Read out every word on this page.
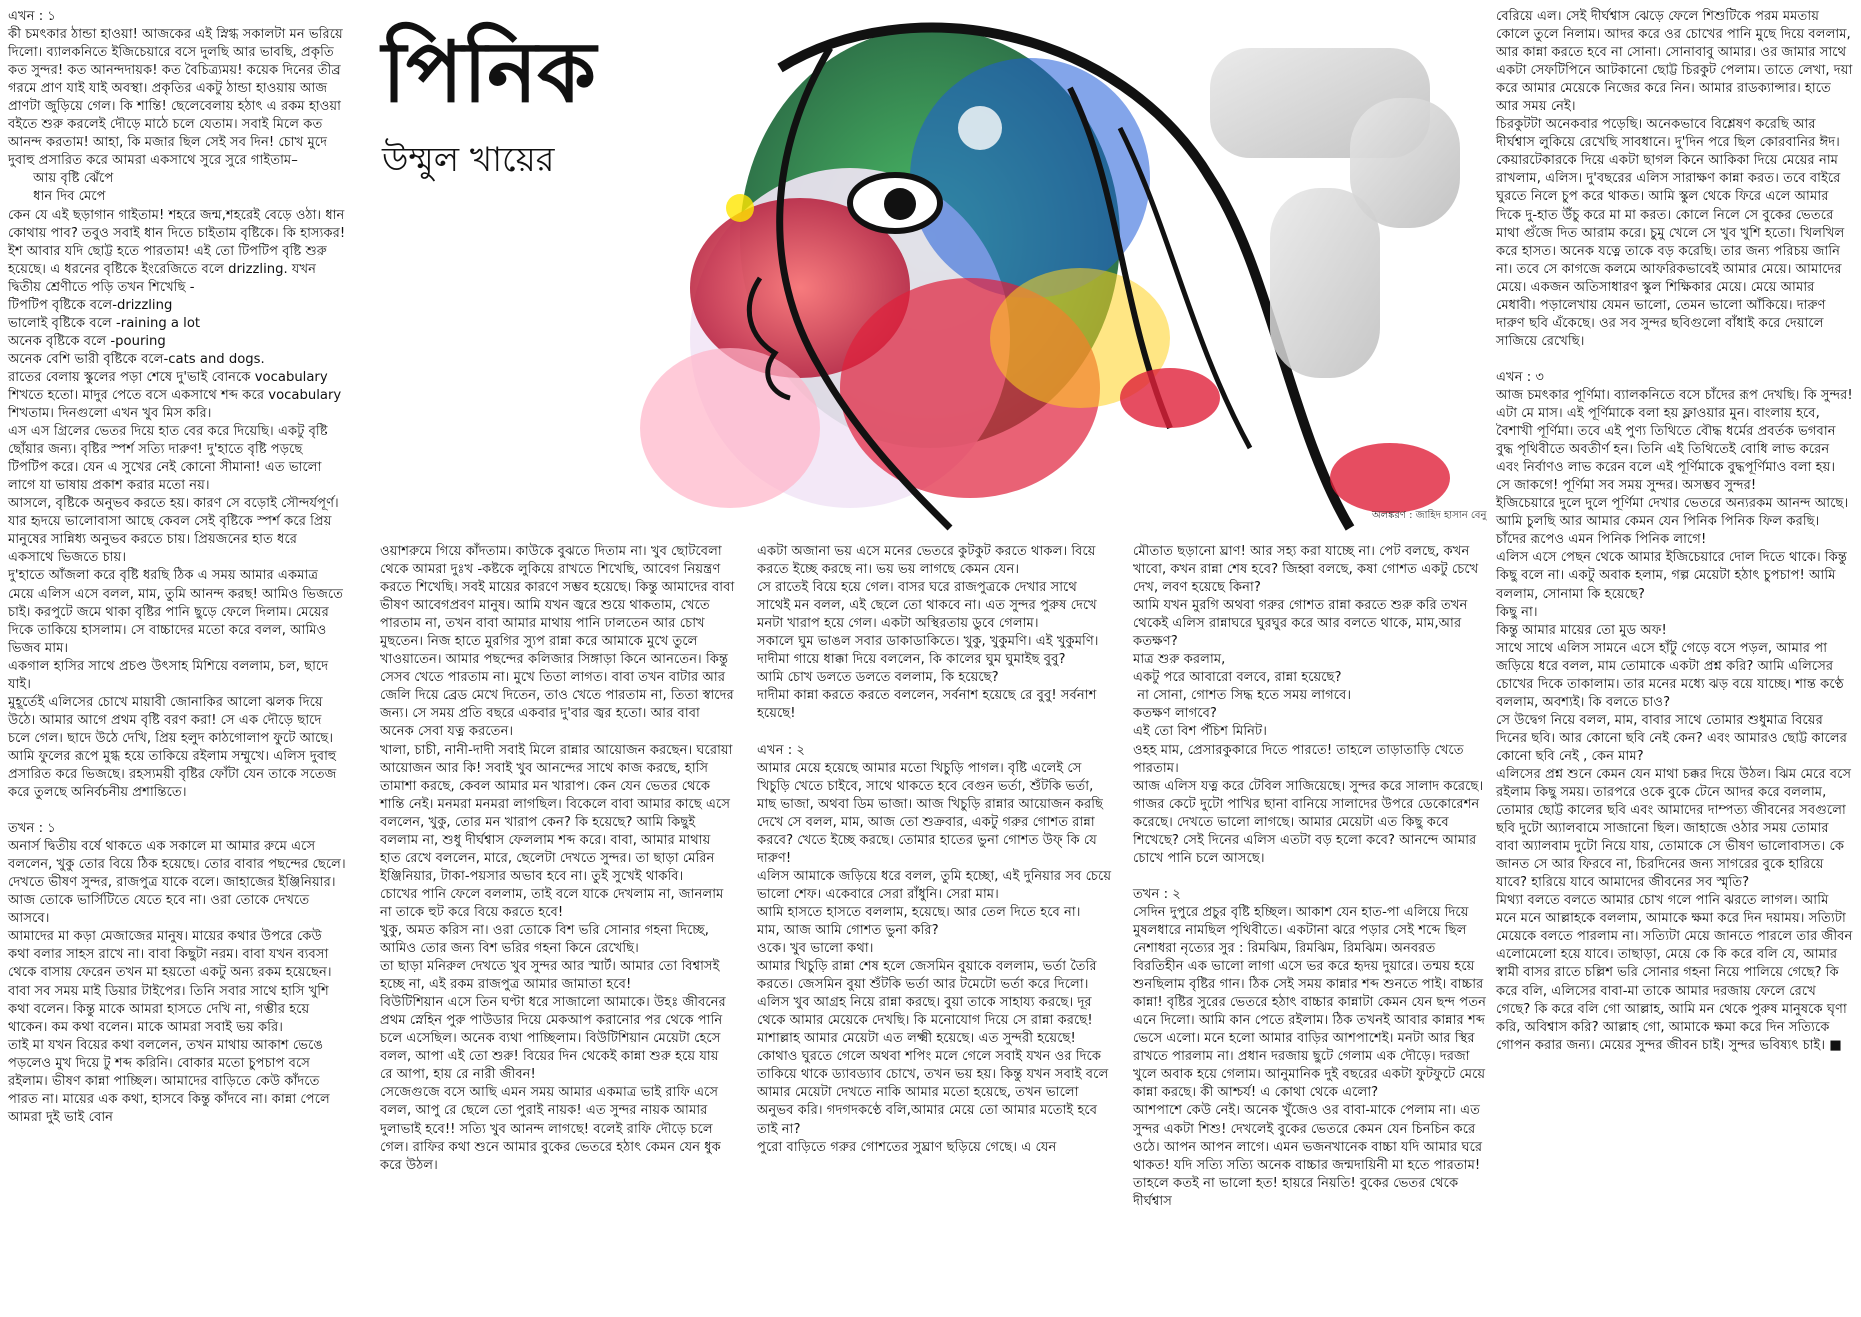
পিনিক
উম্মুল খায়ের
অলঙ্করণ : জাহিদ হাসান বেনু
এখন : ১
কী চমৎকার ঠান্ডা হাওয়া! আজকের এই স্নিগ্ধ সকালটা মন ভরিয়ে দিলো। ব্যালকনিতে ইজিচেয়ারে বসে দুলছি আর ভাবছি, প্রকৃতি কত সুন্দর! কত আনন্দদায়ক! কত বৈচিত্র্যময়! কয়েক দিনের তীব্র গরমে প্রাণ যাই যাই অবস্থা। প্রকৃতির একটু ঠান্ডা হাওয়ায় আজ প্রাণটা জুড়িয়ে গেল। কি শান্তি! ছেলেবেলায় হঠাৎ এ রকম হাওয়া বইতে শুরু করলেই দৌড়ে মাঠে চলে যেতাম। সবাই মিলে কত আনন্দ করতাম! আহা, কি মজার ছিল সেই সব দিন! চোখ মুদে দুবাহু প্রসারিত করে আমরা একসাথে সুরে সুরে গাইতাম–
আয় বৃষ্টি ঝেঁপে
ধান দিব মেপে
কেন যে এই ছড়াগান গাইতাম! শহরে জন্ম,শহরেই বেড়ে ওঠা। ধান কোথায় পাব? তবুও সবাই ধান দিতে চাইতাম বৃষ্টিকে। কি হাস্যকর! ইশ আবার যদি ছোট্ট হতে পারতাম! এই তো টিপটিপ বৃষ্টি শুরু হয়েছে। এ ধরনের বৃষ্টিকে ইংরেজিতে বলে drizzling. যখন দ্বিতীয় শ্রেণীতে পড়ি তখন শিখেছি -
টিপটিপ বৃষ্টিকে বলে-drizzling
ভালোই বৃষ্টিকে বলে -raining a lot
অনেক বৃষ্টিকে বলে -pouring
অনেক বেশি ভারী বৃষ্টিকে বলে-cats and dogs.
রাতের বেলায় স্কুলের পড়া শেষে দু'ভাই বোনকে vocabulary শিখতে হতো। মাদুর পেতে বসে একসাথে শব্দ করে vocabulary শিখতাম। দিনগুলো এখন খুব মিস করি।
এস এস গ্রিলের ভেতর দিয়ে হাত বের করে দিয়েছি। একটু বৃষ্টি ছোঁয়ার জন্য। বৃষ্টির স্পর্শ সত্যি দারুণ! দু'হাতে বৃষ্টি পড়ছে টিপটিপ করে। যেন এ সুখের নেই কোনো সীমানা! এত ভালো লাগে যা ভাষায় প্রকাশ করার মতো নয়।
আসলে, বৃষ্টিকে অনুভব করতে হয়। কারণ সে বড়োই সৌন্দর্যপূর্ণ। যার হৃদয়ে ভালোবাসা আছে কেবল সেই বৃষ্টিকে স্পর্শ করে প্রিয় মানুষের সান্নিধ্য অনুভব করতে চায়। প্রিয়জনের হাত ধরে একসাথে ভিজতে চায়।
দু'হাতে আঁজলা করে বৃষ্টি ধরছি ঠিক এ সময় আমার একমাত্র মেয়ে এলিস এসে বলল, মাম, তুমি আনন্দ করছ! আমিও ভিজতে চাই। করপুটে জমে থাকা বৃষ্টির পানি ছুড়ে ফেলে দিলাম। মেয়ের দিকে তাকিয়ে হাসলাম। সে বাচ্চাদের মতো করে বলল, আমিও ভিজব মাম।
একগাল হাসির সাথে প্রচণ্ড উৎসাহ মিশিয়ে বললাম, চল, ছাদে যাই।
মুহূর্তেই এলিসের চোখে মায়াবী জোনাকির আলো ঝলক দিয়ে উঠে। আমার আগে প্রথম বৃষ্টি বরণ করা! সে এক দৌড়ে ছাদে চলে গেল। ছাদে উঠে দেখি, প্রিয় হলুদ কাঠগোলাপ ফুটে আছে। আমি ফুলের রূপে মুগ্ধ হয়ে তাকিয়ে রইলাম সম্মুখে। এলিস দুবাহু প্রসারিত করে ভিজছে। রহস্যময়ী বৃষ্টির ফোঁটা যেন তাকে সতেজ করে তুলছে অনির্বচনীয় প্রশান্তিতে।

তখন : ১
অনার্স দ্বিতীয় বর্ষে থাকতে এক সকালে মা আমার রুমে এসে বললেন, খুকু তোর বিয়ে ঠিক হয়েছে। তোর বাবার পছন্দের ছেলে। দেখতে ভীষণ সুন্দর, রাজপুত্র যাকে বলে। জাহাজের ইঞ্জিনিয়ার। আজ তোকে ভার্সিটিতে যেতে হবে না। ওরা তোকে দেখতে আসবে।
আমাদের মা কড়া মেজাজের মানুষ। মায়ের কথার উপরে কেউ কথা বলার সাহস রাখে না। বাবা কিছুটা নরম। বাবা যখন ব্যবসা থেকে বাসায় ফেরেন তখন মা হয়তো একটু অন্য রকম হয়েছেন। বাবা সব সময় মাই ডিয়ার টাইপের। তিনি সবার সাথে হাসি খুশি কথা বলেন। কিন্তু মাকে আমরা হাসতে দেখি না, গম্ভীর হয়ে থাকেন। কম কথা বলেন। মাকে আমরা সবাই ভয় করি।
তাই মা যখন বিয়ের কথা বললেন, তখন মাথায় আকাশ ভেঙে পড়লেও মুখ দিয়ে টু শব্দ করিনি। বোকার মতো চুপচাপ বসে রইলাম। ভীষণ কান্না পাচ্ছিল। আমাদের বাড়িতে কেউ কাঁদতে পারত না। মায়ের এক কথা, হাসবে কিন্তু কাঁদবে না। কান্না পেলে আমরা দুই ভাই বোন
ওয়াশরুমে গিয়ে কাঁদতাম। কাউকে বুঝতে দিতাম না। খুব ছোটবেলা থেকে আমরা দুঃখ -কষ্টকে লুকিয়ে রাখতে শিখেছি, আবেগ নিয়ন্ত্রণ করতে শিখেছি। সবই মায়ের কারণে সম্ভব হয়েছে। কিন্তু আমাদের বাবা ভীষণ আবেগপ্রবণ মানুষ। আমি যখন জ্বরে শুয়ে থাকতাম, খেতে পারতাম না, তখন বাবা আমার মাথায় পানি ঢালতেন আর চোখ মুছতেন। নিজ হাতে মুরগির স্যুপ রান্না করে আমাকে মুখে তুলে খাওয়াতেন। আমার পছন্দের কলিজার সিঙ্গাড়া কিনে আনতেন। কিন্তু সেসব খেতে পারতাম না। মুখে তিতা লাগত। বাবা তখন বাটার আর জেলি দিয়ে ব্রেড মেখে দিতেন, তাও খেতে পারতাম না, তিতা স্বাদের জন্য। সে সময় প্রতি বছরে একবার দু'বার জ্বর হতো। আর বাবা অনেক সেবা যত্ন করতেন।
খালা, চাচী, নানী-দাদী সবাই মিলে রান্নার আয়োজন করছেন। ঘরোয়া আয়োজন আর কি! সবাই খুব আনন্দের সাথে কাজ করছে, হাসি তামাশা করছে, কেবল আমার মন খারাপ। কেন যেন ভেতর থেকে শান্তি নেই। মনমরা মনমরা লাগছিল। বিকেলে বাবা আমার কাছে এসে বললেন, খুকু, তোর মন খারাপ কেন? কি হয়েছে? আমি কিছুই বললাম না, শুধু দীর্ঘশ্বাস ফেললাম শব্দ করে। বাবা, আমার মাথায় হাত রেখে বললেন, মারে, ছেলেটা দেখতে সুন্দর। তা ছাড়া মেরিন ইঞ্জিনিয়ার, টাকা-পয়সার অভাব হবে না। তুই সুখেই থাকবি।
চোখের পানি ফেলে বললাম, তাই বলে যাকে দেখলাম না, জানলাম না তাকে হুট করে বিয়ে করতে হবে!
খুকু, অমত করিস না। ওরা তোকে বিশ ভরি সোনার গহনা দিচ্ছে, আমিও তোর জন্য বিশ ভরির গহনা কিনে রেখেছি।
তা ছাড়া মনিরুল দেখতে খুব সুন্দর আর স্মার্ট। আমার তো বিশ্বাসই হচ্ছে না, এই রকম রাজপুত্র আমার জামাতা হবে!
বিউটিশিয়ান এসে তিন ঘণ্টা ধরে সাজালো আমাকে। উহঃ জীবনের প্রথম স্নেহিন পুরু পাউডার দিয়ে মেকআপ করানোর পর থেকে পানি চলে এসেছিল। অনেক ব্যথা পাচ্ছিলাম। বিউটিশিয়ান মেয়েটা হেসে বলল, আপা এই তো শুরু! বিয়ের দিন থেকেই কান্না শুরু হয়ে যায় রে আপা, হায় রে নারী জীবন!
সেজেগুজে বসে আছি এমন সময় আমার একমাত্র ভাই রাফি এসে বলল, আপু রে ছেলে তো পুরাই নায়ক! এত সুন্দর নায়ক আমার দুলাভাই হবে!! সত্যি খুব আনন্দ লাগছে! বলেই রাফি দৌড়ে চলে গেল। রাফির কথা শুনে আমার বুকের ভেতরে হঠাৎ কেমন যেন ধুক করে উঠল।
একটা অজানা ভয় এসে মনের ভেতরে কুটকুট করতে থাকল। বিয়ে করতে ইচ্ছে করছে না। ভয় ভয় লাগছে কেমন যেন।
সে রাতেই বিয়ে হয়ে গেল। বাসর ঘরে রাজপুত্রকে দেখার সাথে সাথেই মন বলল, এই ছেলে তো থাকবে না। এত সুন্দর পুরুষ দেখে মনটা খারাপ হয়ে গেল। একটা অস্থিরতায় ডুবে গেলাম।
সকালে ঘুম ভাঙল সবার ডাকাডাকিতে। খুকু, খুকুমণি। এই খুকুমণি। দাদীমা গায়ে ধাক্কা দিয়ে বললেন, কি কালের ঘুম ঘুমাইছ বুবু?
আমি চোখ ডলতে ডলতে বললাম, কি হয়েছে?
দাদীমা কান্না করতে করতে বললেন, সর্বনাশ হয়েছে রে বুবু! সর্বনাশ হয়েছে!

এখন : ২
আমার মেয়ে হয়েছে আমার মতো খিচুড়ি পাগল। বৃষ্টি এলেই সে খিচুড়ি খেতে চাইবে, সাথে থাকতে হবে বেগুন ভর্তা, শুঁটকি ভর্তা, মাছ ভাজা, অথবা ডিম ভাজা। আজ খিচুড়ি রান্নার আয়োজন করছি দেখে সে বলল, মাম, আজ তো শুক্রবার, একটু গরুর গোশত রান্না করবে? খেতে ইচ্ছে করছে। তোমার হাতের ভুনা গোশত উফ্ কি যে দারুণ!
এলিস আমাকে জড়িয়ে ধরে বলল, তুমি হচ্ছো, এই দুনিয়ার সব চেয়ে ভালো শেফ। একেবারে সেরা রাঁধুনি। সেরা মাম।
আমি হাসতে হাসতে বললাম, হয়েছে। আর তেল দিতে হবে না।
মাম, আজ আমি গোশত ভুনা করি?
ওকে। খুব ভালো কথা।
আমার খিচুড়ি রান্না শেষ হলে জেসমিন বুয়াকে বললাম, ভর্তা তৈরি করতে। জেসমিন বুয়া শুঁটকি ভর্তা আর টমেটো ভর্তা করে দিলো। এলিস খুব আগ্রহ নিয়ে রান্না করছে। বুয়া তাকে সাহায্য করছে। দূর থেকে আমার মেয়েকে দেখছি। কি মনোযোগ দিয়ে সে রান্না করছে! মাশাল্লাহ আমার মেয়েটা এত লক্ষ্মী হয়েছে। এত সুন্দরী হয়েছে! কোথাও ঘুরতে গেলে অথবা শপিং মলে গেলে সবাই যখন ওর দিকে তাকিয়ে থাকে ড্যাবড্যাব চোখে, তখন ভয় হয়। কিন্তু যখন সবাই বলে আমার মেয়েটা দেখতে নাকি আমার মতো হয়েছে, তখন ভালো অনুভব করি। গদগদকণ্ঠে বলি,আমার মেয়ে তো আমার মতোই হবে তাই না?
পুরো বাড়িতে গরুর গোশতের সুঘ্রাণ ছড়িয়ে গেছে। এ যেন
মৌতাত ছড়ানো ঘ্রাণ! আর সহ্য করা যাচ্ছে না। পেট বলছে, কখন খাবো, কখন রান্না শেষ হবে? জিহ্বা বলছে, কষা গোশত একটু চেখে দেখ, লবণ হয়েছে কিনা?
আমি যখন মুরগি অথবা গরুর গোশত রান্না করতে শুরু করি তখন থেকেই এলিস রান্নাঘরে ঘুরঘুর করে আর বলতে থাকে, মাম,আর কতক্ষণ?
মাত্র শুরু করলাম,
একটু পরে আবারো বলবে, রান্না হয়েছে?
না সোনা, গোশত সিদ্ধ হতে সময় লাগবে।
কতক্ষণ লাগবে?
এই তো বিশ পঁচিশ মিনিট।
ওহহ মাম, প্রেসারকুকারে দিতে পারতে! তাহলে তাড়াতাড়ি খেতে পারতাম।
আজ এলিস যত্ন করে টেবিল সাজিয়েছে। সুন্দর করে সালাদ করেছে। গাজর কেটে দুটো পাখির ছানা বানিয়ে সালাদের উপরে ডেকোরেশন করেছে। দেখতে ভালো লাগছে। আমার মেয়েটা এত কিছু কবে শিখেছে? সেই দিনের এলিস এতটা বড় হলো কবে? আনন্দে আমার চোখে পানি চলে আসছে।

তখন : ২
সেদিন দুপুরে প্রচুর বৃষ্টি হচ্ছিল। আকাশ যেন হাত-পা এলিয়ে দিয়ে মুষলধারে নামছিল পৃথিবীতে। একটানা ঝরে পড়ার সেই শব্দে ছিল নেশাধরা নৃত্যের সুর : রিমঝিম, রিমঝিম, রিমঝিম। অনবরত বিরতিহীন এক ভালো লাগা এসে ভর করে হৃদয় দুয়ারে। তন্ময় হয়ে শুনছিলাম বৃষ্টির গান। ঠিক সেই সময় কান্নার শব্দ শুনতে পাই। বাচ্চার কান্না! বৃষ্টির সুরের ভেতরে হঠাৎ বাচ্চার কান্নাটা কেমন যেন ছন্দ পতন এনে দিলো। আমি কান পেতে রইলাম। ঠিক তখনই আবার কান্নার শব্দ ভেসে এলো। মনে হলো আমার বাড়ির আশপাশেই। মনটা আর স্থির রাখতে পারলাম না। প্রধান দরজায় ছুটে গেলাম এক দৌড়ে। দরজা খুলে অবাক হয়ে গেলাম। আনুমানিক দুই বছরের একটা ফুটফুটে মেয়ে কান্না করছে। কী আশ্চর্য! এ কোথা থেকে এলো?
আশপাশে কেউ নেই। অনেক খুঁজেও ওর বাবা-মাকে পেলাম না। এত সুন্দর একটা শিশু! দেখলেই বুকের ভেতরে কেমন যেন চিনচিন করে ওঠে। আপন আপন লাগে। এমন ভজনখানেক বাচ্চা যদি আমার ঘরে থাকত! যদি সত্যি সত্যি অনেক বাচ্চার জন্মদায়িনী মা হতে পারতাম! তাহলে কতই না ভালো হত! হায়রে নিয়তি! বুকের ভেতর থেকে দীর্ঘশ্বাস
বেরিয়ে এল। সেই দীর্ঘশ্বাস ঝেড়ে ফেলে শিশুটিকে পরম মমতায় কোলে তুলে নিলাম। আদর করে ওর চোখের পানি মুছে দিয়ে বললাম, আর কান্না করতে হবে না সোনা। সোনাবাবু আমার। ওর জামার সাথে একটা সেফটিপিনে আটকানো ছোট্ট চিরকুট পেলাম। তাতে লেখা, দয়া করে আমার মেয়েকে নিজের করে নিন। আমার রাডক্যান্সার। হাতে আর সময় নেই।
চিরকুটটা অনেকবার পড়েছি। অনেকভাবে বিশ্লেষণ করেছি আর দীর্ঘশ্বাস লুকিয়ে রেখেছি সাবধানে। দু'দিন পরে ছিল কোরবানির ঈদ। কেয়ারটেকারকে দিয়ে একটা ছাগল কিনে আকিকা দিয়ে মেয়ের নাম রাখলাম, এলিস। দু'বছরের এলিস সারাক্ষণ কান্না করত। তবে বাইরে ঘুরতে নিলে চুপ করে থাকত। আমি স্কুল থেকে ফিরে এলে আমার দিকে দু-হাত উঁচু করে মা মা করত। কোলে নিলে সে বুকের ভেতরে মাথা গুঁজে দিত আরাম করে। চুমু খেলে সে খুব খুশি হতো। খিলখিল করে হাসত। অনেক যত্নে তাকে বড় করেছি। তার জন্য পরিচয় জানি না। তবে সে কাগজে কলমে আফরিকভাবেই আমার মেয়ে। আমাদের মেয়ে। একজন অতিসাধারণ স্কুল শিক্ষিকার মেয়ে। মেয়ে আমার মেধাবী। পড়ালেখায় যেমন ভালো, তেমন ভালো আঁকিয়ে। দারুণ দারুণ ছবি এঁকেছে। ওর সব সুন্দর ছবিগুলো বাঁধাই করে দেয়ালে সাজিয়ে রেখেছি।

এখন : ৩
আজ চমৎকার পূর্ণিমা। ব্যালকনিতে বসে চাঁদের রূপ দেখছি। কি সুন্দর! এটা মে মাস। এই পূর্ণিমাকে বলা হয় ফ্লাওয়ার মুন। বাংলায় হবে, বৈশাখী পূর্ণিমা। তবে এই পুণ্য তিথিতে বৌদ্ধ ধর্মের প্রবর্তক ভগবান বুদ্ধ পৃথিবীতে অবতীর্ণ হন। তিনি এই তিথিতেই বোধি লাভ করেন এবং নির্বাণও লাভ করেন বলে এই পূর্ণিমাকে বুদ্ধপূর্ণিমাও বলা হয়। সে জাকগে! পূর্ণিমা সব সময় সুন্দর। অসম্ভব সুন্দর!
ইজিচেয়ারে দুলে দুলে পূর্ণিমা দেখার ভেতরে অন্যরকম আনন্দ আছে। আমি চুলছি আর আমার কেমন যেন পিনিক পিনিক ফিল করছি। চাঁদের রূপেও এমন পিনিক পিনিক লাগে!
এলিস এসে পেছন থেকে আমার ইজিচেয়ারে দোল দিতে থাকে। কিন্তু কিছু বলে না। একটু অবাক হলাম, গল্প মেয়েটা হঠাৎ চুপচাপ! আমি বললাম, সোনামা কি হয়েছে?
কিছু না।
কিন্তু আমার মায়ের তো মুড অফ!
সাথে সাথে এলিস সামনে এসে হাঁটু গেড়ে বসে পড়ল, আমার পা জড়িয়ে ধরে বলল, মাম তোমাকে একটা প্রশ্ন করি? আমি এলিসের চোখের দিকে তাকালাম। তার মনের মধ্যে ঝড় বয়ে যাচ্ছে। শান্ত কণ্ঠে বললাম, অবশ্যই। কি বলতে চাও?
সে উদ্বেগ নিয়ে বলল, মাম, বাবার সাথে তোমার শুধুমাত্র বিয়ের দিনের ছবি। আর কোনো ছবি নেই কেন? এবং আমারও ছোট্ট কালের কোনো ছবি নেই , কেন মাম?
এলিসের প্রশ্ন শুনে কেমন যেন মাথা চক্কর দিয়ে উঠল। ঝিম মেরে বসে রইলাম কিছু সময়। তারপরে ওকে বুকে টেনে আদর করে বললাম, তোমার ছোট্ট কালের ছবি এবং আমাদের দাম্পত্য জীবনের সবগুলো ছবি দুটো অ্যালবামে সাজানো ছিল। জাহাজে ওঠার সময় তোমার বাবা অ্যালবাম দুটো নিয়ে যায়, তোমাকে সে ভীষণ ভালোবাসত। কে জানত সে আর ফিরবে না, চিরদিনের জন্য সাগরের বুকে হারিয়ে যাবে? হারিয়ে যাবে আমাদের জীবনের সব স্মৃতি?
মিথ্যা বলতে বলতে আমার চোখ গলে পানি ঝরতে লাগল। আমি মনে মনে আল্লাহকে বললাম, আমাকে ক্ষমা করে দিন দয়াময়। সত্যিটা মেয়েকে বলতে পারলাম না। সত্যিটা মেয়ে জানতে পারলে তার জীবন এলোমেলো হয়ে যাবে। তাছাড়া, মেয়ে কে কি করে বলি যে, আমার স্বামী বাসর রাতে চল্লিশ ভরি সোনার গহনা নিয়ে পালিয়ে গেছে? কি করে বলি, এলিসের বাবা-মা তাকে আমার দরজায় ফেলে রেখে গেছে? কি করে বলি গো আল্লাহ, আমি মন থেকে পুরুষ মানুষকে ঘৃণা করি, অবিশ্বাস করি? আল্লাহ গো, আমাকে ক্ষমা করে দিন সত্যিকে গোপন করার জন্য। মেয়ের সুন্দর জীবন চাই। সুন্দর ভবিষ্যৎ চাই। ■
